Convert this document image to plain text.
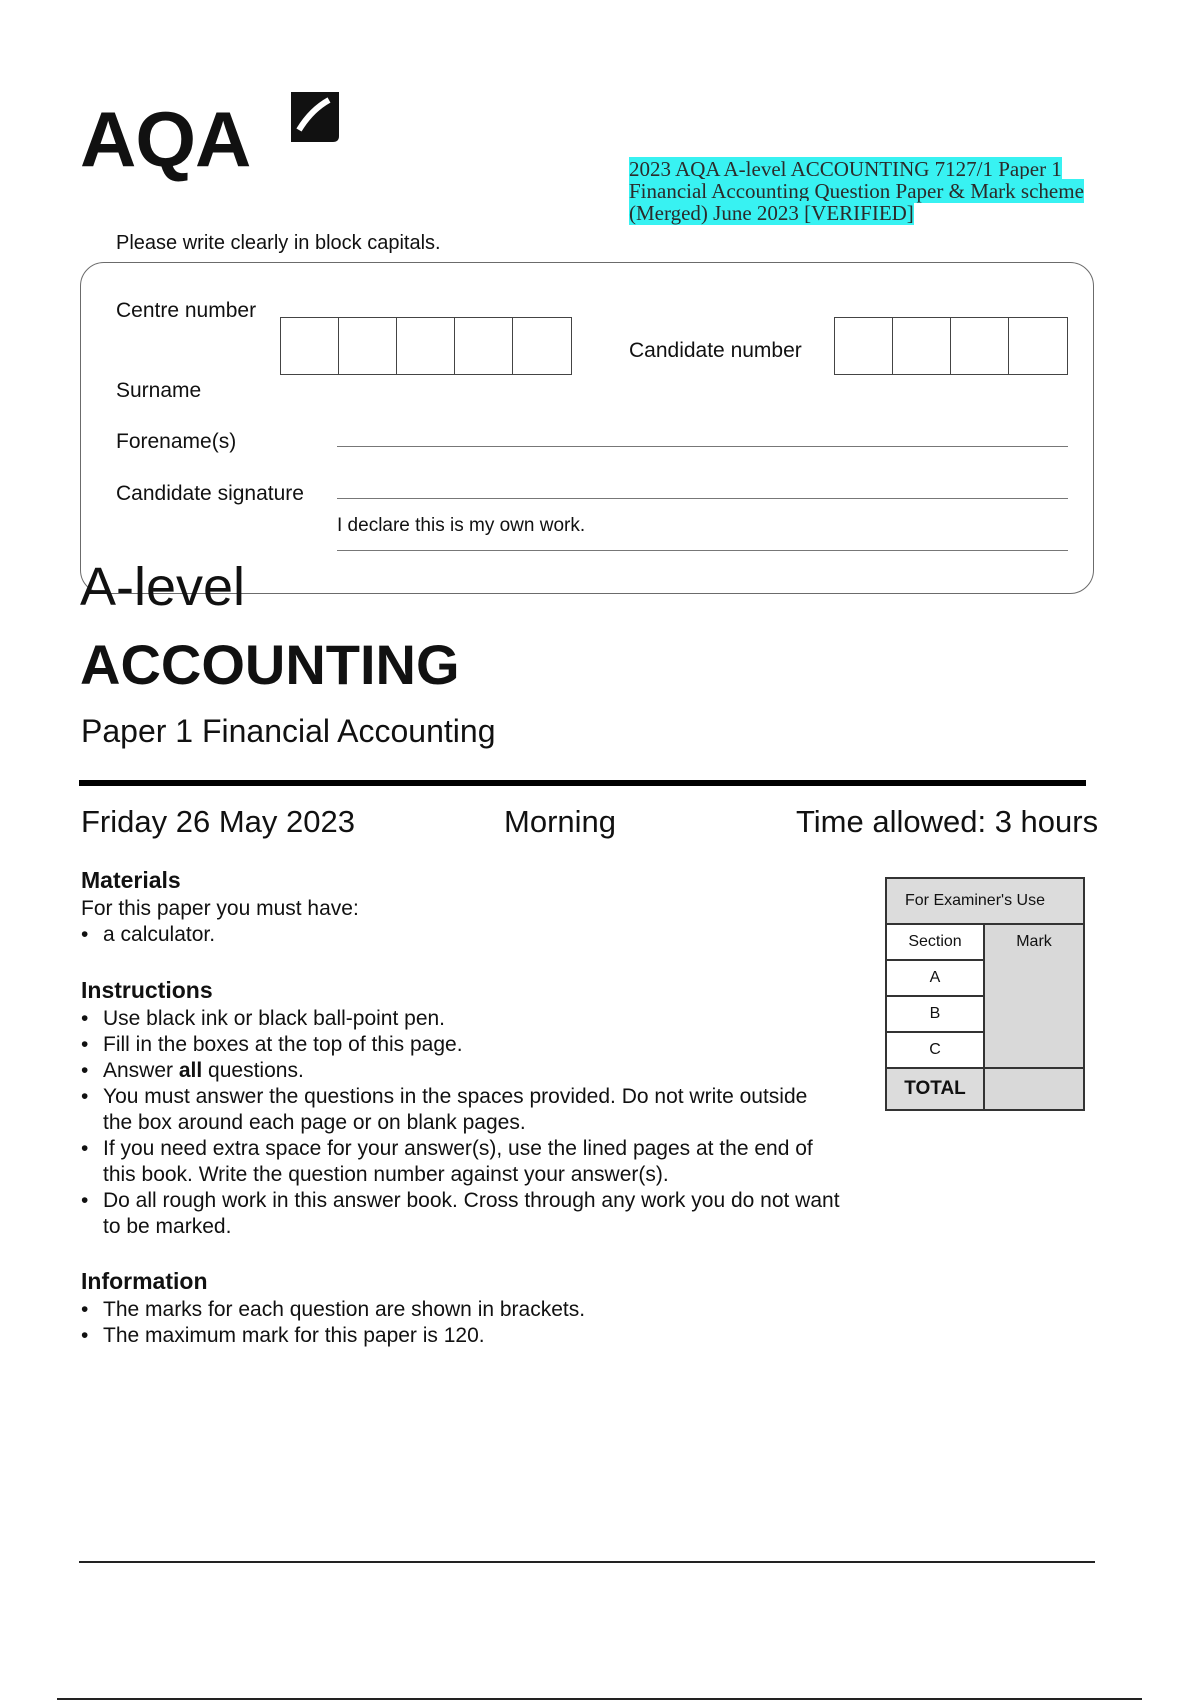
AQA	2023 AQA A-level ACCOUNTING 7127/1 Paper 1 Financial Accounting Question Paper & Mark scheme (Merged) June 2023 [VERIFIED]
Please write clearly in block capitals.
Centre number
Candidate number
Surname
Forename(s)
Candidate signature
I declare this is my own work.
A-level
ACCOUNTING
Paper 1 Financial Accounting
Friday 26 May 2023	Morning	Time allowed: 3 hours
Materials
For this paper you must have:
• a calculator.
Instructions
• Use black ink or black ball-point pen.
• Fill in the boxes at the top of this page.
• Answer all questions.
• You must answer the questions in the spaces provided. Do not write outside the box around each page or on blank pages.
• If you need extra space for your answer(s), use the lined pages at the end of this book. Write the question number against your answer(s).
• Do all rough work in this answer book. Cross through any work you do not want to be marked.
Information
• The marks for each question are shown in brackets.
• The maximum mark for this paper is 120.
For Examiner's Use	
Section	Mark
A	
B	
C	
TOTAL	
